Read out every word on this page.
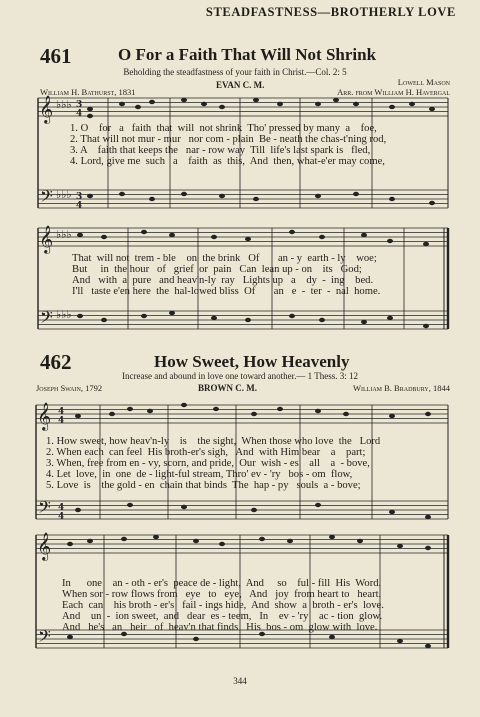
STEADFASTNESS—BROTHERLY LOVE
461	O For a Faith That Will Not Shrink
Beholding the steadfastness of your faith in Christ.—Col. 2: 5
EVAN C. M.	Lowell Mason
William H. Bathurst, 1831	Arr. from William H. Havergal
𝄞
𝄢
𝄞
𝄢
♭♭♭
♭♭♭
♭♭♭
♭♭♭
3
4
3
4
1. O    for   a   faith  that  will  not shrink  Tho' pressed by many  a    foe,
2. That will not mur - mur   nor com - plain  Be - neath the chas-t'ning rod,
3. A    faith that keeps the   nar - row way  Till  life's last spark is   fled,
4. Lord, give me  such   a    faith  as  this,  And  then, what-e'er may come,
That  will not  trem - ble    on  the brink   Of       an - y  earth - ly    woe;
But     in  the hour   of   grief  or  pain   Can  lean up - on    its   God;
And   with  a  pure   and heav'n-ly  ray   Lights up   a    dy  -  ing    bed.
I'll   taste e'en here  the  hal-lowed bliss  Of       an   e  -  ter  -  nal  home.
462	How Sweet, How Heavenly
Increase and abound in love one toward another.— 1 Thess. 3: 12
Joseph Swain, 1792	BROWN C. M.	William B. Bradbury, 1844
𝄞
𝄢
𝄞
𝄢
4
4
4
4
1. How sweet, how heav'n-ly    is    the sight,  When those who love  the   Lord
2. When each  can feel  His broth-er's sigh,   And  with Him bear    a    part;
3. When, free from en - vy, scorn, and pride,  Our  wish - es    all    a  - bove,
4. Let  love,  in  one  de - light-ful stream, Thro' ev - 'ry   bos - om  flow,
5. Love  is    the gold - en  chain that binds  The  hap - py   souls  a - bove;
In      one    an - oth - er's  peace de - light,  And     so    ful - fill  His  Word.
When sor - row flows from   eye   to   eye,   And   joy  from heart to   heart.
Each  can    his broth - er's   fail - ings hide,  And  show  a  broth - er's  love.
And    un  -  ion sweet,  and   dear  es - teem,   In    ev - 'ry    ac - tion  glow.
And   he's   an   heir   of  heav'n that finds   His  bos - om  glow with  love.
344
